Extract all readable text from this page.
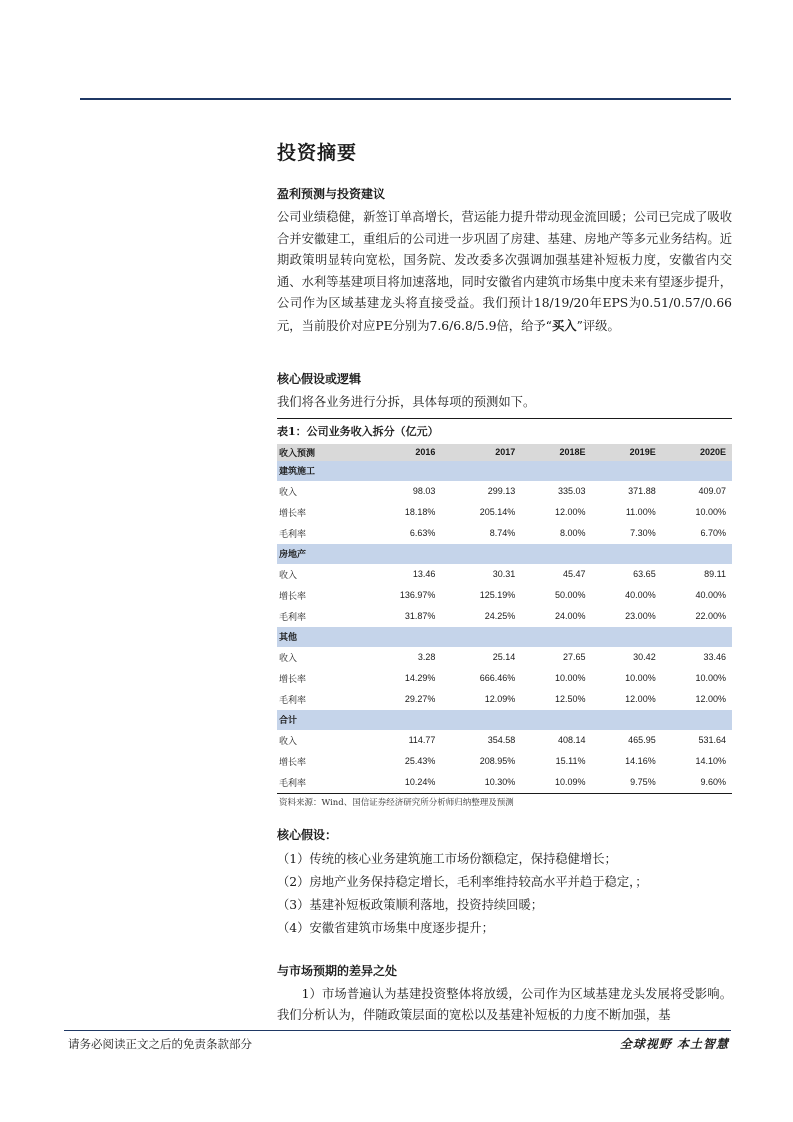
投资摘要
盈利预测与投资建议

公司业绩稳健，新签订单高增长，营运能力提升带动现金流回暖；公司已完成了吸收合并安徽建工，重组后的公司进一步巩固了房建、基建、房地产等多元业务结构。近期政策明显转向宽松，国务院、发改委多次强调加强基建补短板力度，安徽省内交通、水利等基建项目将加速落地，同时安徽省内建筑市场集中度未来有望逐步提升，公司作为区域基建龙头将直接受益。我们预计18/19/20年EPS为0.51/0.57/0.66元，当前股价对应PE分别为7.6/6.8/5.9倍，给予“买入”评级。

核心假设或逻辑

我们将各业务进行分拆，具体每项的预测如下。

表1：公司业务收入拆分（亿元）
收入预测	2016	2017	2018E	2019E	2020E
建筑施工					
收入	98.03	299.13	335.03	371.88	409.07
增长率	18.18%	205.14%	12.00%	11.00%	10.00%
毛利率	6.63%	8.74%	8.00%	7.30%	6.70%
房地产					
收入	13.46	30.31	45.47	63.65	89.11
增长率	136.97%	125.19%	50.00%	40.00%	40.00%
毛利率	31.87%	24.25%	24.00%	23.00%	22.00%
其他					
收入	3.28	25.14	27.65	30.42	33.46
增长率	14.29%	666.46%	10.00%	10.00%	10.00%
毛利率	29.27%	12.09%	12.50%	12.00%	12.00%
合计					
收入	114.77	354.58	408.14	465.95	531.64
增长率	25.43%	208.95%	15.11%	14.16%	14.10%
毛利率	10.24%	10.30%	10.09%	9.75%	9.60%
资料来源：Wind、国信证券经济研究所分析师归纳整理及预测
核心假设：

（1）传统的核心业务建筑施工市场份额稳定，保持稳健增长；

（2）房地产业务保持稳定增长，毛利率维持较高水平并趋于稳定，；

（3）基建补短板政策顺利落地，投资持续回暖；

（4）安徽省建筑市场集中度逐步提升；

与市场预期的差异之处

1）市场普遍认为基建投资整体将放缓，公司作为区域基建龙头发展将受影响。我们分析认为，伴随政策层面的宽松以及基建补短板的力度不断加强，基

请务必阅读正文之后的免责条款部分	全球视野 本土智慧
